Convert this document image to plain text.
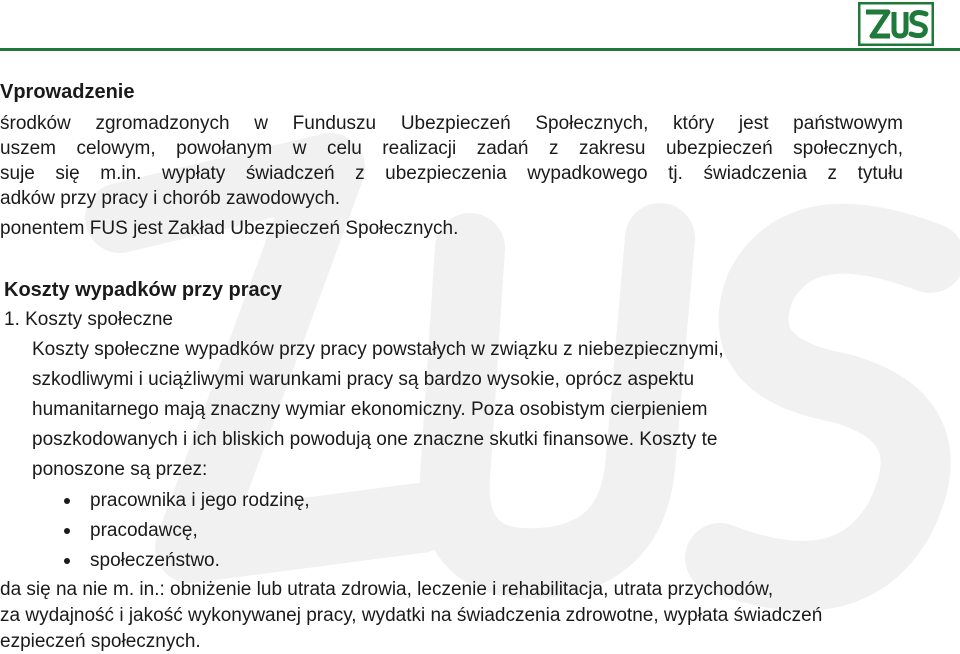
Vprowadzenie
środków zgromadzonych w Funduszu Ubezpieczeń Społecznych, który jest państwowym
uszem celowym, powołanym w celu realizacji zadań z zakresu ubezpieczeń społecznych,
suje się m.in. wypłaty świadczeń z ubezpieczenia wypadkowego tj. świadczenia z tytułu
adków przy pracy i chorób zawodowych.
ponentem FUS jest Zakład Ubezpieczeń Społecznych.
Koszty wypadków przy pracy
1. Koszty społeczne
Koszty społeczne wypadków przy pracy powstałych w związku z niebezpiecznymi,
szkodliwymi i uciążliwymi warunkami pracy są bardzo wysokie, oprócz aspektu
humanitarnego mają znaczny wymiar ekonomiczny. Poza osobistym cierpieniem
poszkodowanych i ich bliskich powodują one znaczne skutki finansowe. Koszty te
ponoszone są przez:
pracownika i jego rodzinę,
pracodawcę,
społeczeństwo.
da się na nie m. in.: obniżenie lub utrata zdrowia, leczenie i rehabilitacja, utrata przychodów,
za wydajność i jakość wykonywanej pracy, wydatki na świadczenia zdrowotne, wypłata świadczeń
ezpieczeń społecznych.
